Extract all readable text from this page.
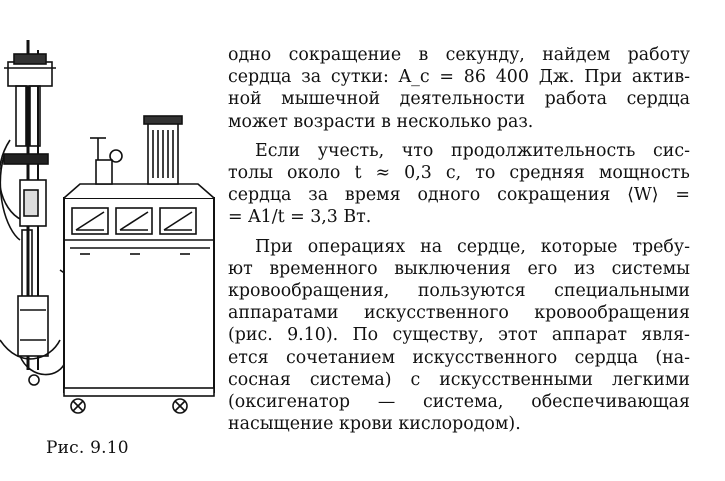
Рис. 9.10
одно сокращение в секунду, найдем работу
сердца за сутки: A_c = 86 400 Дж. При актив-
ной мышечной деятельности работа сердца
может возрасти в несколько раз.
Если учесть, что продолжительность сис-
толы около t ≈ 0,3 с, то средняя мощность
сердца за время одного сокращения ⟨W⟩ =
= A1/t = 3,3 Вт.
При операциях на сердце, которые требу-
ют временного выключения его из системы
кровообращения, пользуются специальными
аппаратами искусственного кровообращения
(рис. 9.10). По существу, этот аппарат явля-
ется сочетанием искусственного сердца (на-
сосная система) с искусственными легкими
(оксигенатор — система, обеспечивающая
насыщение крови кислородом).
